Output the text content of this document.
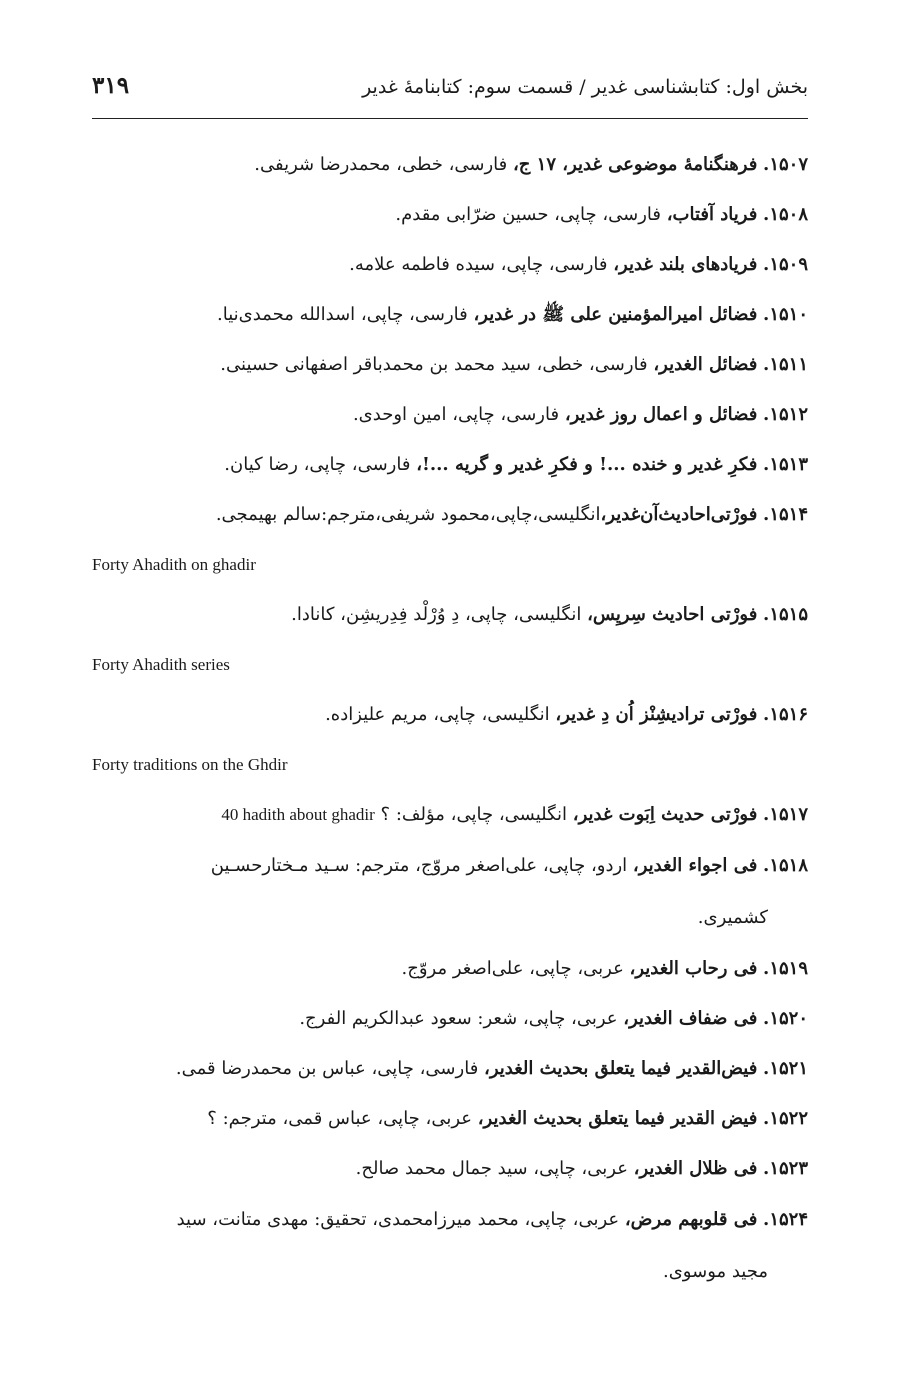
بخش اول: کتابشناسی غدیر / قسمت سوم: کتابنامهٔ غدیر
۳۱۹
۱۵۰۷. فرهنگنامهٔ موضوعی غدیر، ۱۷ ج، فارسی، خطی، محمدرضا شریفی.
۱۵۰۸. فریاد آفتاب، فارسی، چاپی، حسین ضرّابی مقدم.
۱۵۰۹. فریادهای بلند غدیر، فارسی، چاپی، سیده فاطمه علامه.
۱۵۱۰. فضائل امیرالمؤمنین علی ﷺ در غدیر، فارسی، چاپی، اسدالله محمدی‌نیا.
۱۵۱۱. فضائل الغدیر، فارسی، خطی، سید محمد بن محمدباقر اصفهانی حسینی.
۱۵۱۲. فضائل و اعمال روز غدیر، فارسی، چاپی، امین اوحدی.
۱۵۱۳. فکرِ غدیر و خنده ...! و فکرِ غدیر و گریه ...!، فارسی، چاپی، رضا کیان.
۱۵۱۴. فورْتی‌احادیث‌آن‌غدیر،انگلیسی،چاپی،محمود شریفی،مترجم:سالم بهیمجی.
Forty Ahadith on ghadir
۱۵۱۵. فورْتی احادیث سِریِس، انگلیسی، چاپی، دِ وُرْلْد فِدِریشِن، کانادا.
Forty Ahadith series
۱۵۱۶. فورْتی ترادیشِنْز اُن دِ غدیر، انگلیسی، چاپی، مریم علیزاده.
Forty traditions on the Ghdir
۱۵۱۷. فورْتی حدیث اِبَوت غدیر، انگلیسی، چاپی، مؤلف: ؟ 40 hadith about ghadir
۱۵۱۸. فی اجواء الغدیر، اردو، چاپی، علی‌اصغر مروّج، مترجم: سـید مـختارحسـین
کشمیری.
۱۵۱۹. فی رحاب الغدیر، عربی، چاپی، علی‌اصغر مروّج.
۱۵۲۰. فی ضفاف الغدیر، عربی، چاپی، شعر: سعود عبدالکریم الفرج.
۱۵۲۱. فیض‌القدیر فیما یتعلق بحدیث الغدیر، فارسی، چاپی، عباس بن محمدرضا قمی.
۱۵۲۲. فیض القدیر فیما یتعلق بحدیث الغدیر، عربی، چاپی، عباس قمی، مترجم: ؟
۱۵۲۳. فی ظلال الغدیر، عربی، چاپی، سید جمال محمد صالح.
۱۵۲۴. فی قلوبهم مرض، عربی، چاپی، محمد میرزامحمدی، تحقیق: مهدی متانت، سید
مجید موسوی.
